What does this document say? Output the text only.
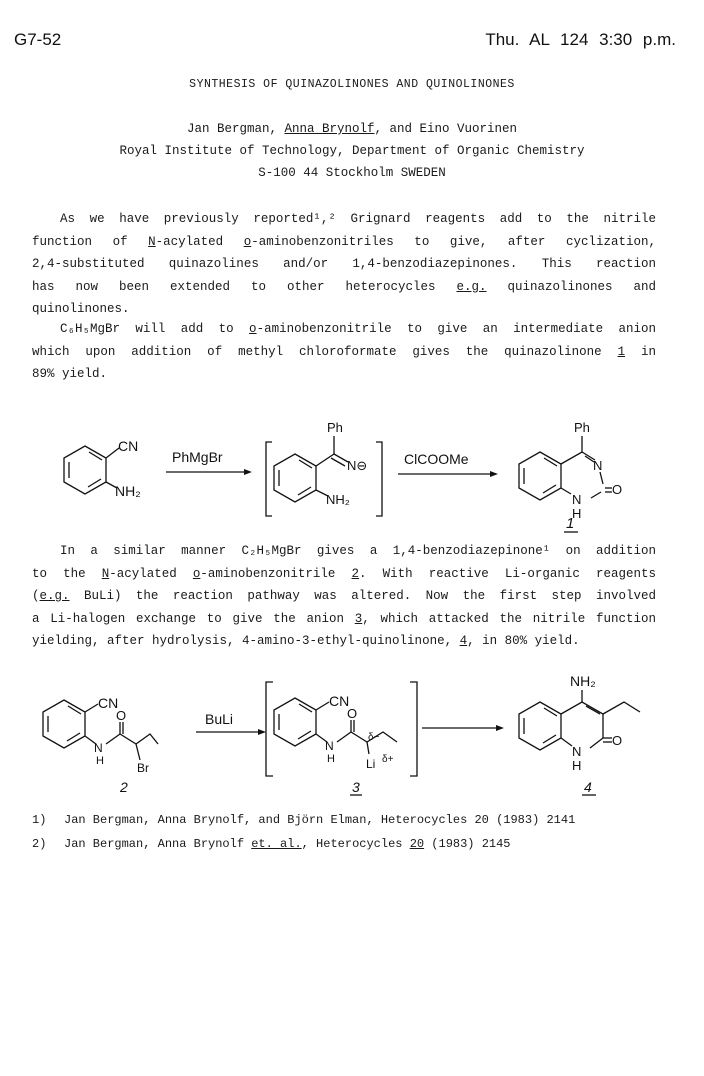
G7-52	Thu. AL 124 3:30 p.m.
SYNTHESIS OF QUINAZOLINONES AND QUINOLINONES
Jan Bergman, Anna Brynolf, and Eino Vuorinen
Royal Institute of Technology, Department of Organic Chemistry
S-100 44 Stockholm SWEDEN
As we have previously reported¹,² Grignard reagents add to the nitrile
function of N-acylated o-aminobenzonitriles to give, after cyclization,
2,4-substituted quinazolines and/or 1,4-benzodiazepinones. This reaction
has now been extended to other heterocycles e.g. quinazolinones and
quinolinones.
C₆H₅MgBr will add to o-aminobenzonitrile to give an intermediate anion
which upon addition of methyl chloroformate gives the quinazolinone 1 in
89% yield.
CN
NH₂
PhMgBr
Ph
N⊖
NH₂
ClCOOMe
Ph
N
N
H
O
1
In a similar manner C₂H₅MgBr gives a 1,4-benzodiazepinone¹ on addition
to the N-acylated o-aminobenzonitrile 2. With reactive Li-organic reagents
(e.g. BuLi) the reaction pathway was altered. Now the first step involved
a Li-halogen exchange to give the anion 3, which attacked the nitrile function
yielding, after hydrolysis, 4-amino-3-ethyl-quinolinone, 4, in 80% yield.
CN
O
N
H	Br
2
BuLi
CN
O
N
H
δ−
Li δ+
3
NH₂
N
H
O
4
1)	Jan Bergman, Anna Brynolf, and Björn Elman, Heterocycles 20 (1983) 2141
2)	Jan Bergman, Anna Brynolf et. al., Heterocycles 20 (1983) 2145
